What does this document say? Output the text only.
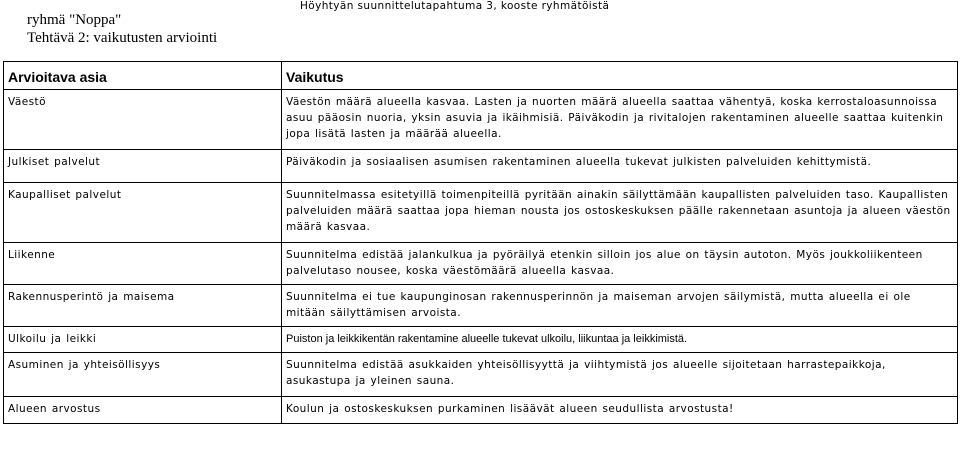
ryhmä "Noppa"
Tehtävä 2: vaikutusten arviointi
Höyhtyän suunnittelutapahtuma 3, kooste ryhmätöistä
Arvioitava asia	Vaikutus
Väestö	Väestön määrä alueella kasvaa. Lasten ja nuorten määrä alueella saattaa vähentyä, koska kerrostaloasunnoissa asuu pääosin nuoria, yksin asuvia ja ikäihmisiä. Päiväkodin ja rivitalojen rakentaminen alueelle saattaa kuitenkin jopa lisätä lasten ja määrää alueella.
Julkiset palvelut	Päiväkodin ja sosiaalisen asumisen rakentaminen alueella tukevat julkisten palveluiden kehittymistä.
Kaupalliset palvelut	Suunnitelmassa esitetyillä toimenpiteillä pyritään ainakin säilyttämään kaupallisten palveluiden taso. Kaupallisten palveluiden määrä saattaa jopa hieman nousta jos ostoskeskuksen päälle rakennetaan asuntoja ja alueen väestön määrä kasvaa.
Liikenne	Suunnitelma edistää jalankulkua ja pyöräilyä etenkin silloin jos alue on täysin autoton. Myös joukkoliikenteen palvelutaso nousee, koska väestömäärä alueella kasvaa.
Rakennusperintö ja maisema	Suunnitelma ei tue kaupunginosan rakennusperinnön ja maiseman arvojen säilymistä, mutta alueella ei ole mitään säilyttämisen arvoista.
Ulkoilu ja leikki	Puiston ja leikkikentän rakentamine alueelle tukevat ulkoilu, liikuntaa ja leikkimistä.
Asuminen ja yhteisöllisyys	Suunnitelma edistää asukkaiden yhteisöllisyyttä ja viihtymistä jos alueelle sijoitetaan harrastepaikkoja, asukastupa ja yleinen sauna.
Alueen arvostus	Koulun ja ostoskeskuksen purkaminen lisäävät alueen seudullista arvostusta!
